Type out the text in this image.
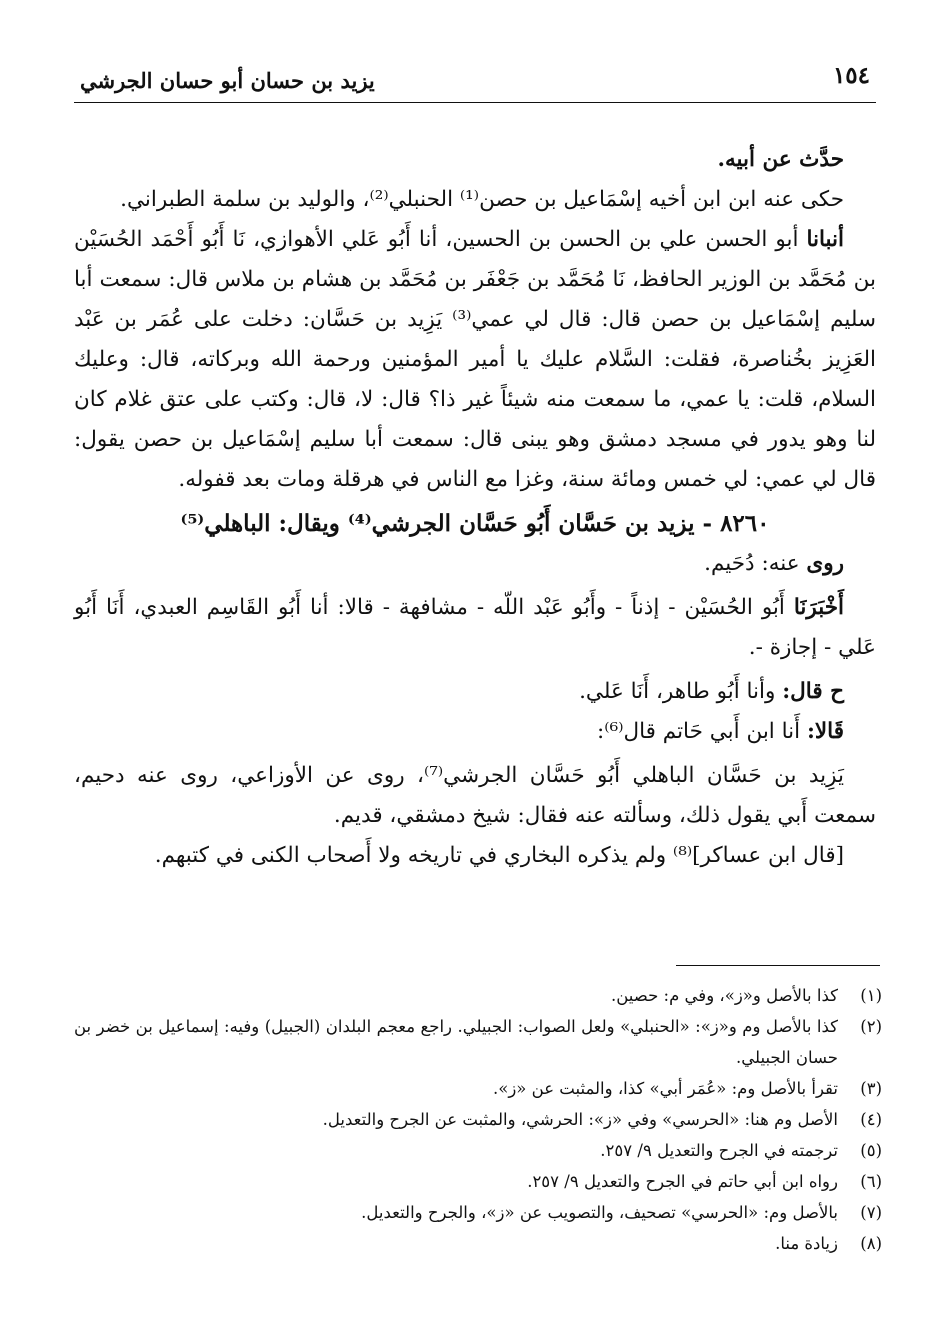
١٥٤
يزيد بن حسان أبو حسان الجرشي

حدَّث عن أبيه.

حكى عنه ابن ابن أخيه إسْمَاعيل بن حصن⁽¹⁾ الحنبلي⁽²⁾، والوليد بن سلمة الطبراني.

أنبانا أبو الحسن علي بن الحسن بن الحسين، أنا أَبُو عَلي الأهوازي، نَا أَبُو أَحْمَد الحُسَيْن بن مُحَمَّد بن الوزير الحافظ، نَا مُحَمَّد بن جَعْفَر بن مُحَمَّد بن هشام بن ملاس قال: سمعت أبا سليم إسْمَاعيل بن حصن قال: قال لي عمي⁽³⁾ يَزِيد بن حَسَّان: دخلت على عُمَر بن عَبْد العَزِيز بخُناصرة، فقلت: السَّلام عليك يا أمير المؤمنين ورحمة الله وبركاته، قال: وعليك السلام، قلت: يا عمي، ما سمعت منه شيئاً غير ذا؟ قال: لا، قال: وكتب على عتق غلام كان لنا وهو يدور في مسجد دمشق وهو يبنى قال: سمعت أبا سليم إسْمَاعيل بن حصن يقول: قال لي عمي: لي خمس ومائة سنة، وغزا مع الناس في هرقلة ومات بعد قفوله.

٨٢٦٠ - يزيد بن حَسَّان أَبُو حَسَّان الجرشي⁽⁴⁾ ويقال: الباهلي⁽⁵⁾

روى عنه: دُحَيم.

أَخْبَرَنَا أَبُو الحُسَيْن - إذناً - وأَبُو عَبْد اللّه - مشافهة - قالا: أنا أَبُو القَاسِم العبدي، أَنَا أَبُو عَلي - إجازة -.

ح قال: وأنا أَبُو طاهر، أَنَا عَلي.

قَالا: أَنا ابن أَبي حَاتم قال⁽⁶⁾:

يَزِيد بن حَسَّان الباهلي أَبُو حَسَّان الجرشي⁽⁷⁾، روى عن الأوزاعي، روى عنه دحيم، سمعت أَبي يقول ذلك، وسألته عنه فقال: شيخ دمشقي، قديم.

[قال ابن عساكر]⁽⁸⁾ ولم يذكره البخاري في تاريخه ولا أَصحاب الكنى في كتبهم.

(١)
كذا بالأصل و«ز»، وفي م: حصين.

(٢)
كذا بالأصل وم و«ز»: «الحنبلي» ولعل الصواب: الجبيلي. راجع معجم البلدان (الجبيل) وفيه: إسماعيل بن خضر بن حسان الجبيلي.

(٣)
تقرأ بالأصل وم: «عُمَر أبي» كذا، والمثبت عن «ز».

(٤)
الأصل وم هنا: «الحرسي» وفي «ز»: الحرشي، والمثبت عن الجرح والتعديل.

(٥)
ترجمته في الجرح والتعديل ٩/ ٢٥٧.

(٦)
رواه ابن أبي حاتم في الجرح والتعديل ٩/ ٢٥٧.

(٧)
بالأصل وم: «الحرسي» تصحيف، والتصويب عن «ز»، والجرح والتعديل.

(٨)
زيادة منا.
